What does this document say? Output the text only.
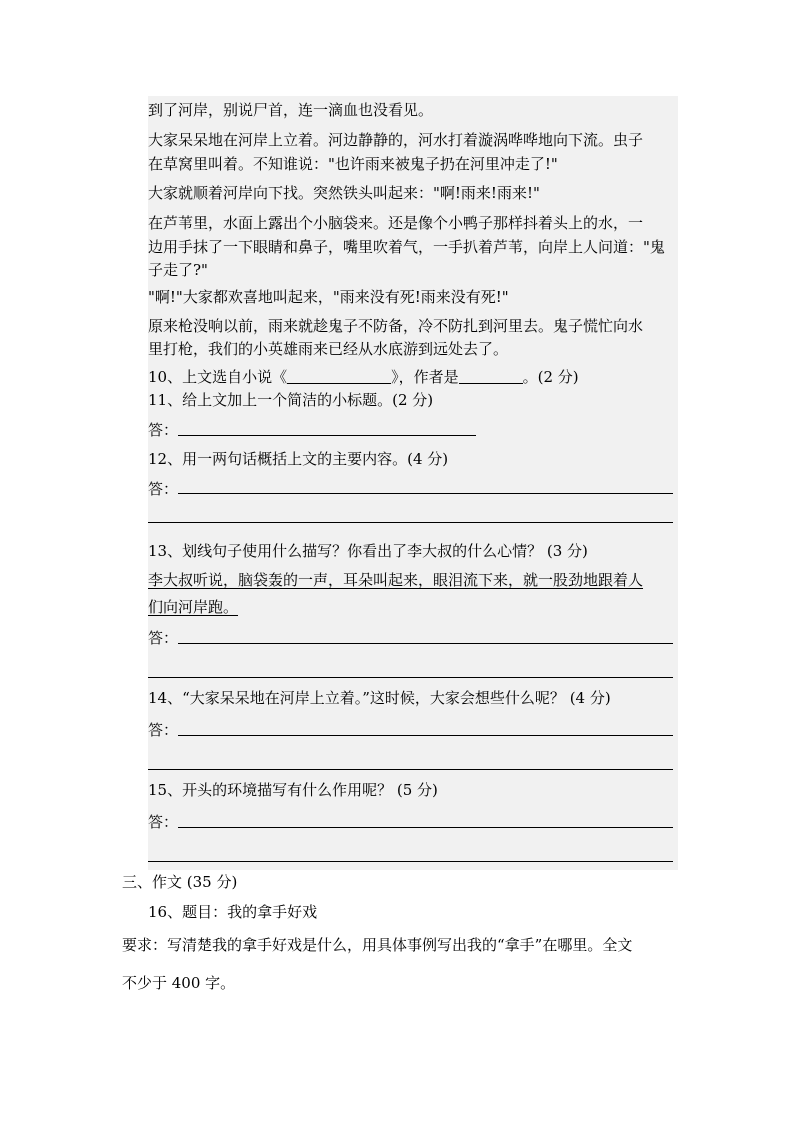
到了河岸，别说尸首，连一滴血也没看见。
大家呆呆地在河岸上立着。河边静静的，河水打着漩涡哗哗地向下流。虫子
在草窝里叫着。不知谁说："也许雨来被鬼子扔在河里冲走了!"
大家就顺着河岸向下找。突然铁头叫起来："啊!雨来!雨来!"
在芦苇里，水面上露出个小脑袋来。还是像个小鸭子那样抖着头上的水，一
边用手抹了一下眼睛和鼻子，嘴里吹着气，一手扒着芦苇，向岸上人问道："鬼
子走了?"
"啊!"大家都欢喜地叫起来，"雨来没有死!雨来没有死!"
原来枪没响以前，雨来就趁鬼子不防备，冷不防扎到河里去。鬼子慌忙向水
里打枪，我们的小英雄雨来已经从水底游到远处去了。
10、上文选自小说《	》，作者是	。(2 分)
11、给上文加上一个简洁的小标题。(2 分)
答：
12、用一两句话概括上文的主要内容。(4 分)
答：
13、划线句子使用什么描写？你看出了李大叔的什么心情？ (3 分)
李大叔听说，脑袋轰的一声，耳朵叫起来，眼泪流下来，就一股劲地跟着人
们向河岸跑。
答：
14、“大家呆呆地在河岸上立着。”这时候，大家会想些什么呢？ (4 分)
答：
15、开头的环境描写有什么作用呢？ (5 分)
答：
三、作文 (35 分)
16、题目：我的拿手好戏
要求：写清楚我的拿手好戏是什么，用具体事例写出我的“拿手”在哪里。全文
不少于 400 字。
